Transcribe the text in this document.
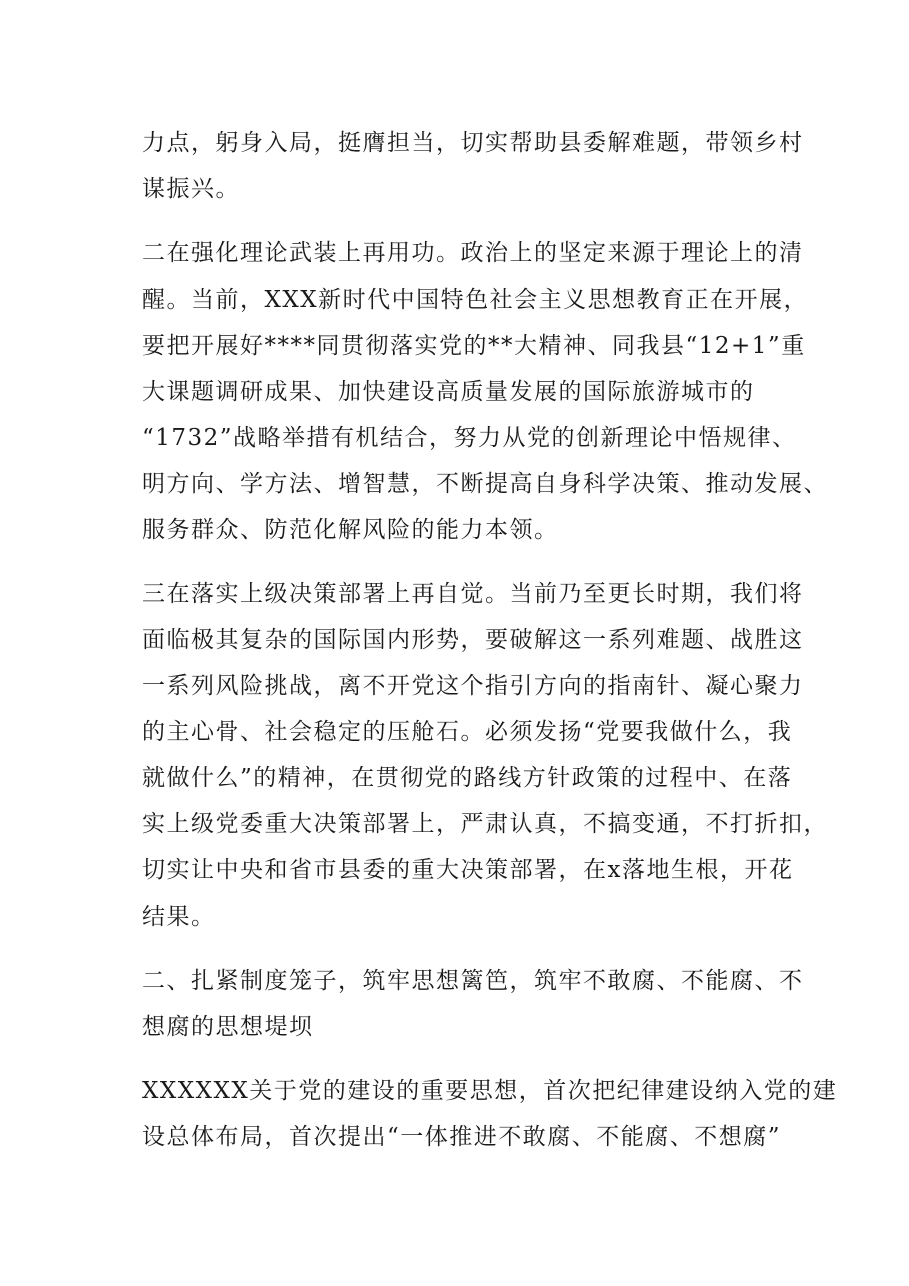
力点，躬身入局，挺膺担当，切实帮助县委解难题，带领乡村

谋振兴。

二在强化理论武装上再用功。政治上的坚定来源于理论上的清

醒。当前，XXX新时代中国特色社会主义思想教育正在开展，

要把开展好****同贯彻落实党的**大精神、同我县“12+1”重

大课题调研成果、加快建设高质量发展的国际旅游城市的

“1732”战略举措有机结合，努力从党的创新理论中悟规律、

明方向、学方法、增智慧，不断提高自身科学决策、推动发展、

服务群众、防范化解风险的能力本领。

三在落实上级决策部署上再自觉。当前乃至更长时期，我们将

面临极其复杂的国际国内形势，要破解这一系列难题、战胜这

一系列风险挑战，离不开党这个指引方向的指南针、凝心聚力

的主心骨、社会稳定的压舱石。必须发扬“党要我做什么，我

就做什么”的精神，在贯彻党的路线方针政策的过程中、在落

实上级党委重大决策部署上，严肃认真，不搞变通，不打折扣，

切实让中央和省市县委的重大决策部署，在x落地生根，开花

结果。

二、扎紧制度笼子，筑牢思想篱笆，筑牢不敢腐、不能腐、不

想腐的思想堤坝

XXXXXX关于党的建设的重要思想，首次把纪律建设纳入党的建

设总体布局，首次提出“一体推进不敢腐、不能腐、不想腐”
